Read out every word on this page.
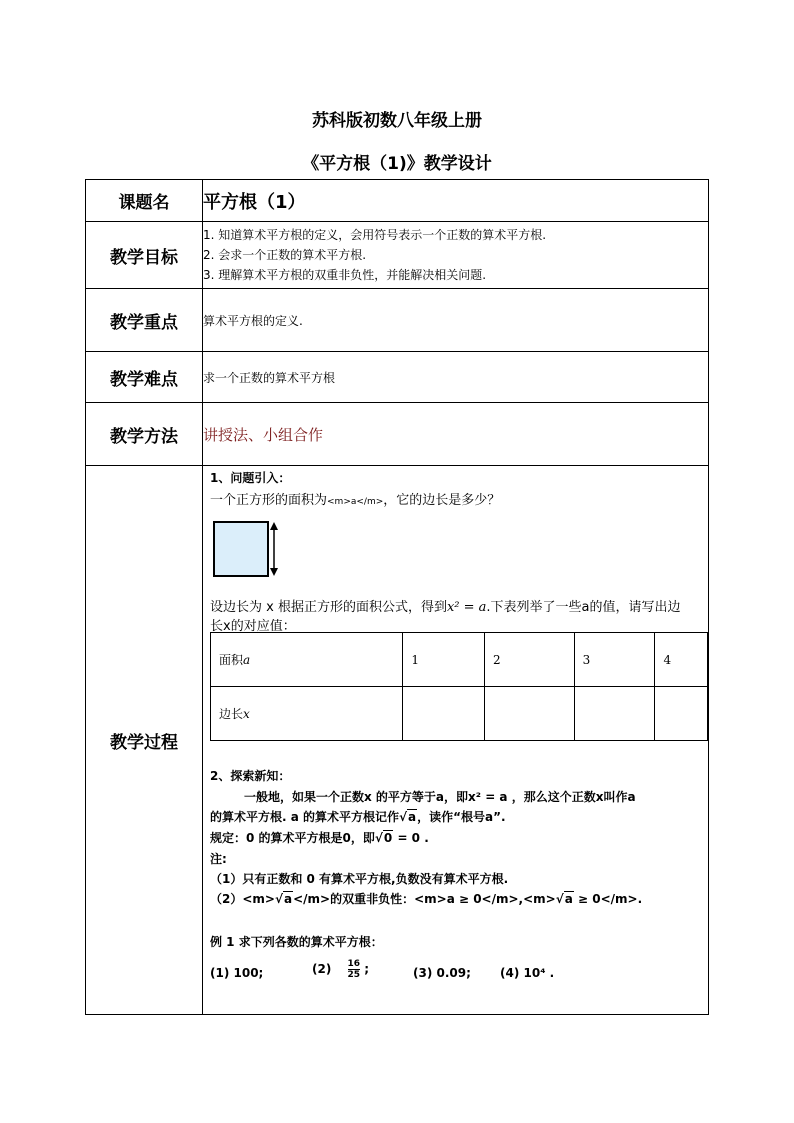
苏科版初数八年级上册
《平方根（1)》教学设计
课题名	平方根（1）
教学目标	
1. 知道算术平方根的定义，会用符号表示一个正数的算术平方根.
2. 会求一个正数的算术平方根.
3. 理解算术平方根的双重非负性，并能解决相关问题.

教学重点	算术平方根的定义.
教学难点	求一个正数的算术平方根
教学方法	讲授法、小组合作
教学过程	
1、问题引入：
一个正方形的面积为<m>a</m>，它的边长是多少？
设边长为 x 根据正方形的面积公式，得到x² = a.下表列举了一些a的值，请写出边
长x的对应值：
面积a	1	2	3	4
边长x				
2、探索新知：
一般地，如果一个正数x 的平方等于a，即x² = a ，那么这个正数x叫作a
的算术平方根. a 的算术平方根记作√a，读作“根号a”.
规定：0 的算术平方根是0，即√0 = 0 .
注:
（1）只有正数和 0 有算术平方根,负数没有算术平方根.
（2）<m>√a</m>的双重非负性：<m>a ≥ 0</m>,<m>√a ≥ 0</m>.
例 1 求下列各数的算术平方根：
(1) 100;	$(2) \frac{16}{25}$ ;	(3) 0.09; (4) 10⁴ .
